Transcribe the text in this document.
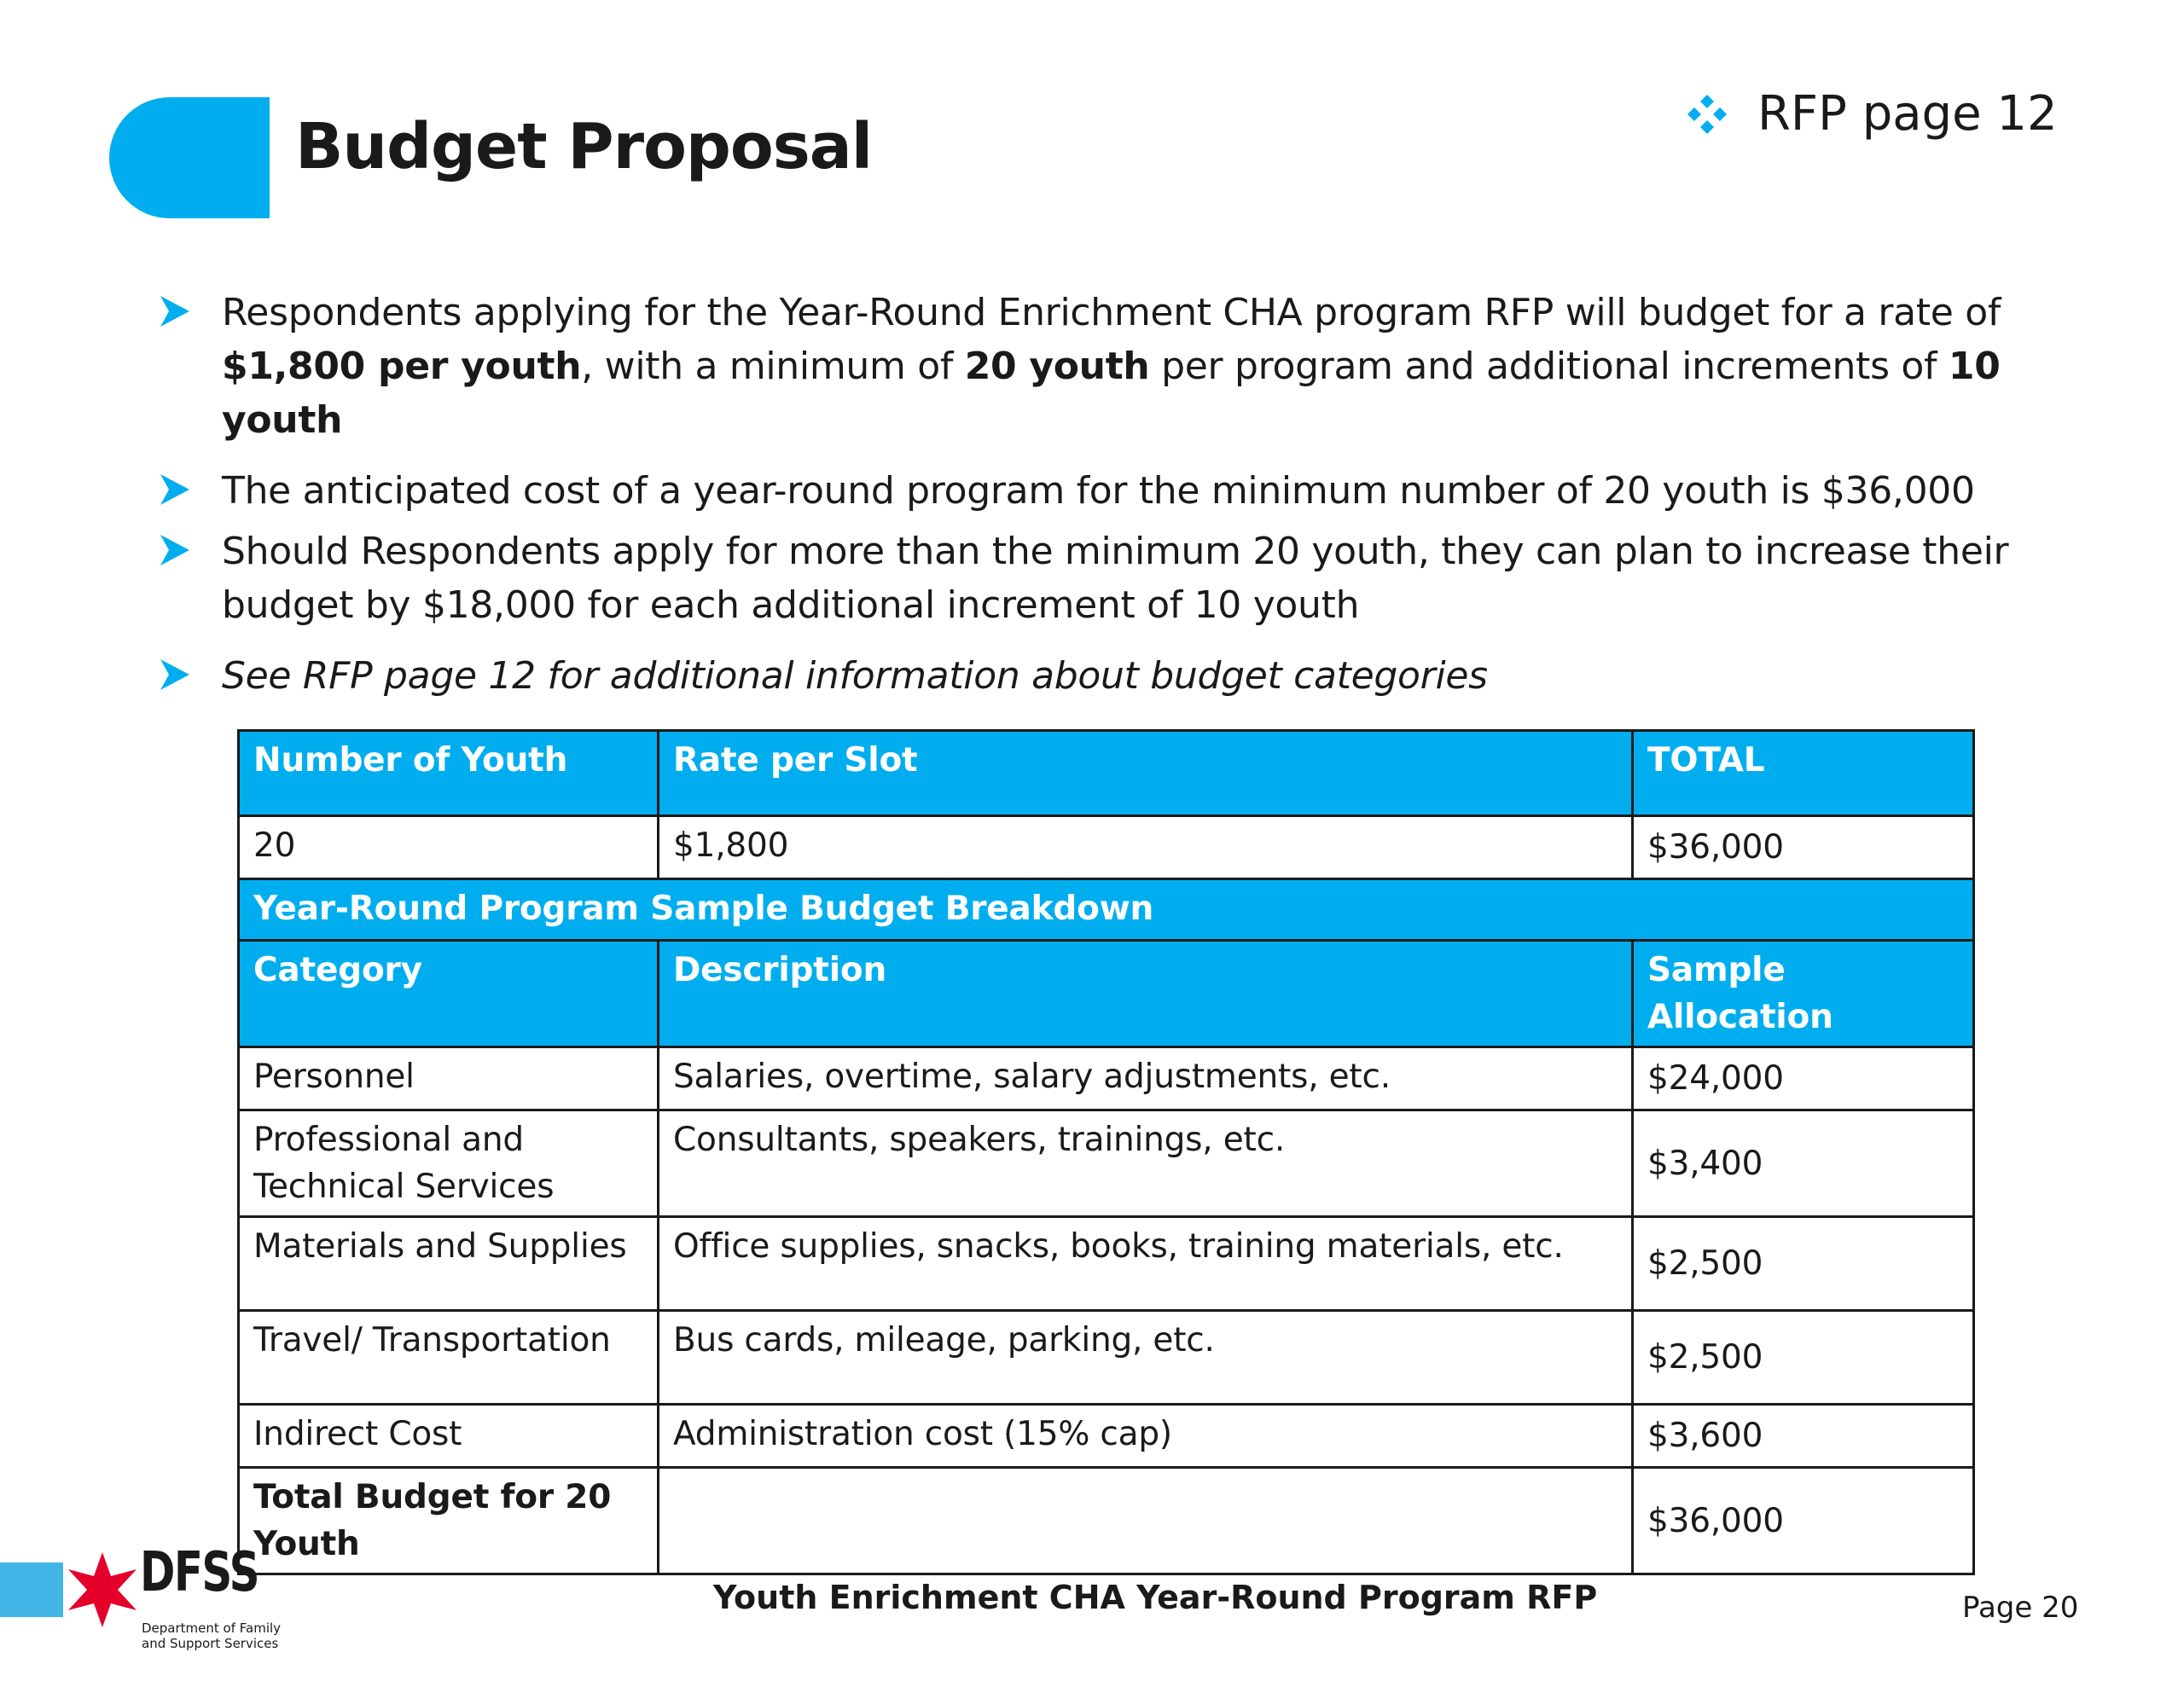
Budget Proposal	RFP page 12
Respondents applying for the Year-Round Enrichment CHA program RFP will budget for a rate of $1,800 per youth, with a minimum of 20 youth per program and additional increments of 10 youth
The anticipated cost of a year-round program for the minimum number of 20 youth is $36,000
Should Respondents apply for more than the minimum 20 youth, they can plan to increase their budget by $18,000 for each additional increment of 10 youth
See RFP page 12 for additional information about budget categories
Number of Youth	Rate per Slot	TOTAL
20	$1,800	$36,000
Year-Round Program Sample Budget Breakdown		
Category	Description	Sample Allocation
Personnel	Salaries, overtime, salary adjustments, etc.	$24,000
Professional and Technical Services	Consultants, speakers, trainings, etc.	$3,400
Materials and Supplies	Office supplies, snacks, books, training materials, etc.	$2,500
Travel/ Transportation	Bus cards, mileage, parking, etc.	$2,500
Indirect Cost	Administration cost (15% cap)	$3,600
Total Budget for 20 Youth		$36,000
DFSS
Department of Family
and Support Services
Youth Enrichment CHA Year-Round Program RFP	Page 20
